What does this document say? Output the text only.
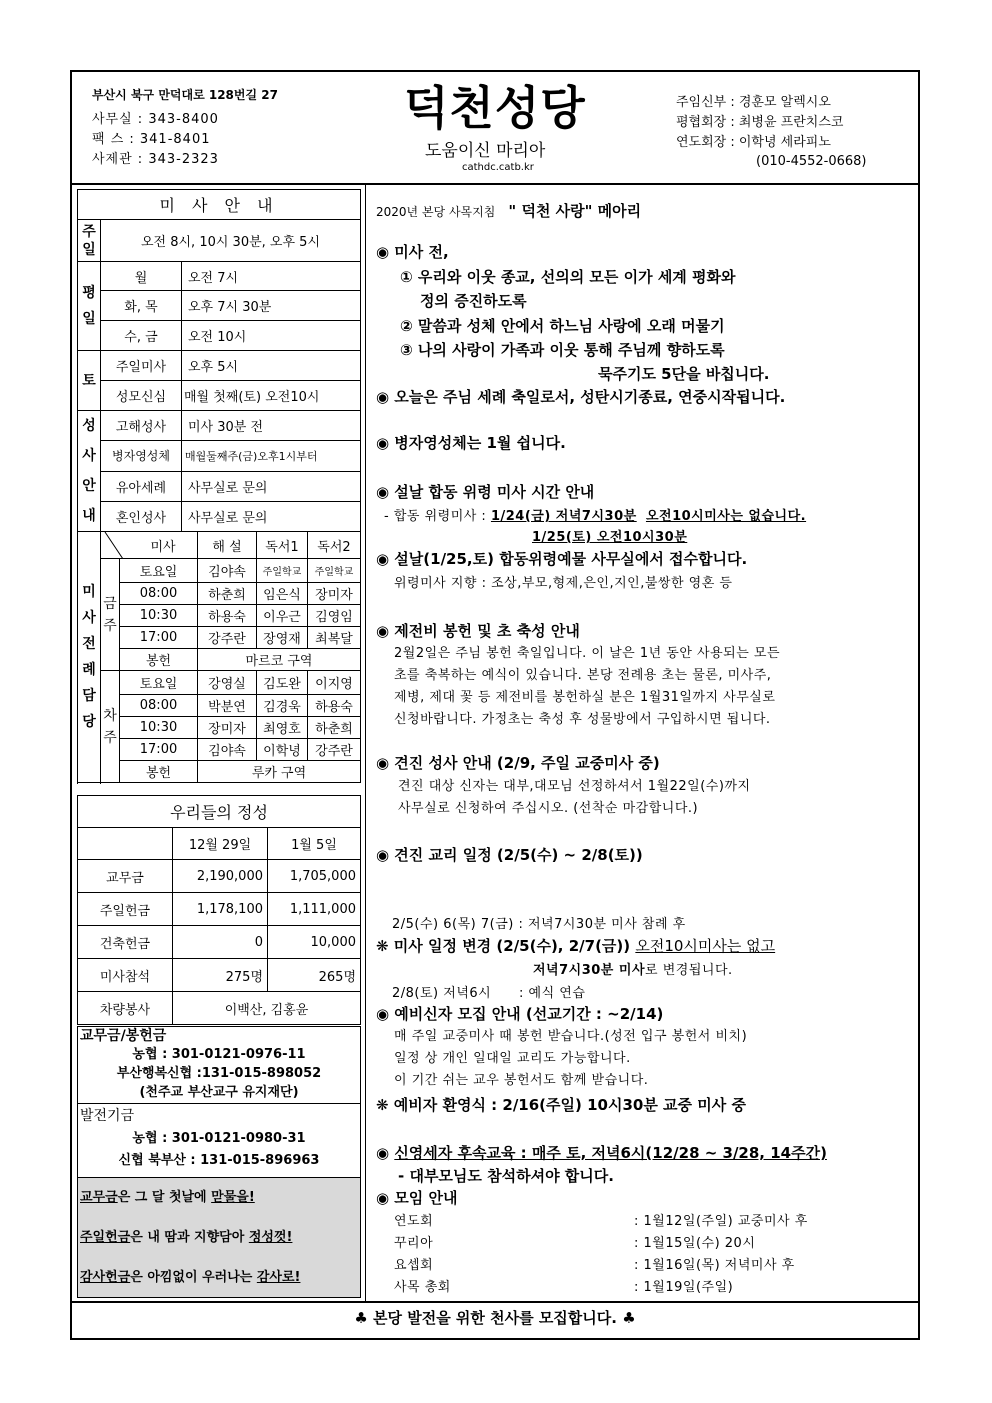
부산시 북구 만덕대로 128번길 27
사무실 : 343-8400
팩 스 : 341-8401
사제관 : 343-2323
덕천성당
도움이신 마리아
cathdc.catb.kr
주임신부 : 경훈모 알렉시오
평협회장 : 최병윤 프란치스코
연도회장 : 이학녕 세라피노
(010-4552-0668)
미 사 안 내		
주일	오전 8시, 10시 30분, 오후 5시	
평일	월	오전 7시
	화, 목	오후 7시 30분
	수, 금	오전 10시
토	주일미사	오후 5시
	성모신심	매월 첫째(토) 오전10시
성사안내	고해성사	미사 30분 전
	병자영성체	매월둘째주(금)오후1시부터
	유아세례	사무실로 문의
	혼인성사	사무실로 문의
미사전례담당	미사		해 설	독서1	독서2
	금주	토요일	김야속	주일학교	주일학교
		08:00	하춘희	임은식	장미자
		10:30	하용숙	이우근	김영임
		17:00	강주란	장영재	최복달
		봉헌	마르코 구역		

	차주	토요일	강영실	김도완	이지영
		08:00	박분연	김경욱	하용숙
		10:30	장미자	최영호	하춘희
		17:00	김야속	이학녕	강주란
		봉헌	루카 구역		

우리들의 정성		
	12월 29일	1월 5일
교무금	2,190,000	1,705,000
주일헌금	1,178,100	1,111,000
건축헌금	0	10,000
미사참석	275명	265명
차량봉사	이백산, 김홍윤	
교무금/봉헌금
농협 : 301-0121-0976-11
부산행복신협 :131-015-898052
(천주교 부산교구 유지재단)
발전기금
농협 : 301-0121-0980-31
신협 북부산 : 131-015-896963
교무금은 그 달 첫날에 맏물을!
주일헌금은 내 땀과 지향담아 정성껏!
감사헌금은 아낌없이 우러나는 감사로!
2020년 본당 사목지침 " 덕천 사랑" 메아리
◉ 미사 전,
① 우리와 이웃 종교, 선의의 모든 이가 세계 평화와
정의 증진하도록
② 말씀과 성체 안에서 하느님 사랑에 오래 머물기
③ 나의 사랑이 가족과 이웃 통해 주님께 향하도록
묵주기도 5단을 바칩니다.
◉ 오늘은 주님 세례 축일로서, 성탄시기종료, 연중시작됩니다.
◉ 병자영성체는 1월 쉽니다.
◉ 설날 합동 위령 미사 시간 안내
- 합동 위령미사 : 1/24(금) 저녁7시30분 오전10시미사는 없습니다.
1/25(토) 오전10시30분
◉ 설날(1/25,토) 합동위령예물 사무실에서 접수합니다.
위령미사 지향 : 조상,부모,형제,은인,지인,불쌍한 영혼 등
◉ 제전비 봉헌 및 초 축성 안내
2월2일은 주님 봉헌 축일입니다. 이 날은 1년 동안 사용되는 모든
초를 축복하는 예식이 있습니다. 본당 전례용 초는 물론, 미사주,
제병, 제대 꽃 등 제전비를 봉헌하실 분은 1월31일까지 사무실로
신청바랍니다. 가정초는 축성 후 성물방에서 구입하시면 됩니다.
◉ 견진 성사 안내 (2/9, 주일 교중미사 중)
견진 대상 신자는 대부,대모님 선정하셔서 1월22일(수)까지
사무실로 신청하여 주십시오. (선착순 마감합니다.)
◉ 견진 교리 일정 (2/5(수) ~ 2/8(토))

2/5(수) 6(목) 7(금) : 저녁7시30분 미사 참례 후

2/8(토) 저녁6시      : 예식 연습

❋ 미사 일정 변경 (2/5(수), 2/7(금)) 오전10시미사는 없고
저녁7시30분 미사로 변경됩니다.
◉ 예비신자 모집 안내 (선교기간 : ~2/14)
매 주일 교중미사 때 봉헌 받습니다.(성전 입구 봉헌서 비치)
일정 상 개인 일대일 교리도 가능합니다.
이 기간 쉬는 교우 봉헌서도 함께 받습니다.
❋ 예비자 환영식 : 2/16(주일) 10시30분 교중 미사 중
◉ 신영세자 후속교육 : 매주 토, 저녁6시(12/28 ~ 3/28, 14주간)
- 대부모님도 참석하셔야 합니다.
◉ 모임 안내
연도회	: 1월12일(주일) 교중미사 후
꾸리아	: 1월15일(수) 20시
요셉회	: 1월16일(목) 저녁미사 후
사목 총회	: 1월19일(주일)
♣ 본당 발전을 위한 천사를 모집합니다. ♣
